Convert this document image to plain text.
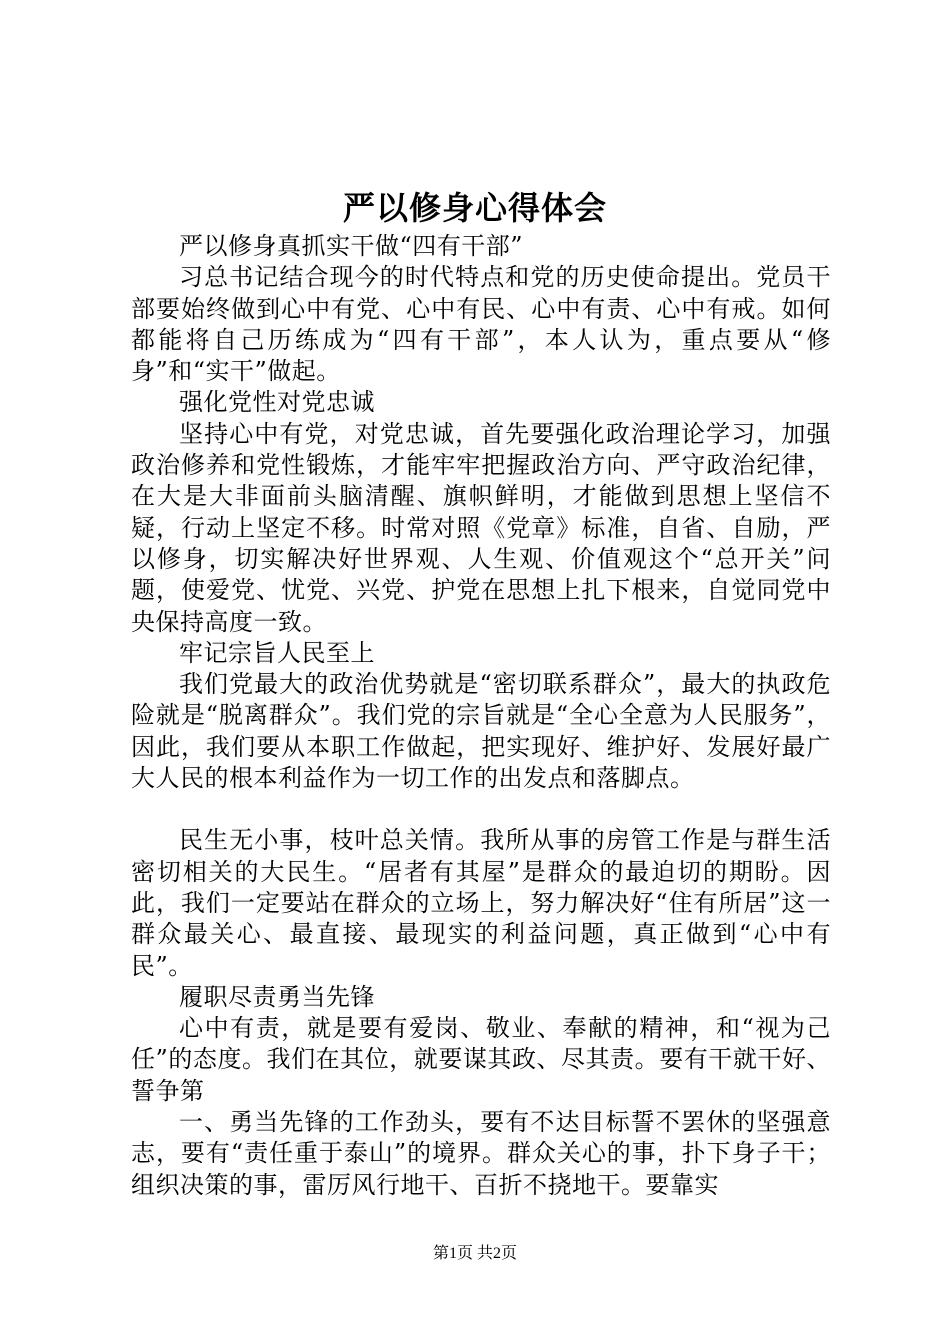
严以修身心得体会

严以修身真抓实干做“四有干部”

习总书记结合现今的时代特点和党的历史使命提出。党员干部要始终做到心中有党、心中有民、心中有责、心中有戒。如何都能将自己历练成为“四有干部”，本人认为，重点要从“修身”和“实干”做起。

强化党性对党忠诚

坚持心中有党，对党忠诚，首先要强化政治理论学习，加强政治修养和党性锻炼，才能牢牢把握政治方向、严守政治纪律，在大是大非面前头脑清醒、旗帜鲜明，才能做到思想上坚信不疑，行动上坚定不移。时常对照《党章》标准，自省、自励，严以修身，切实解决好世界观、人生观、价值观这个“总开关”问题，使爱党、忧党、兴党、护党在思想上扎下根来，自觉同党中央保持高度一致。

牢记宗旨人民至上

我们党最大的政治优势就是“密切联系群众”，最大的执政危险就是“脱离群众”。我们党的宗旨就是“全心全意为人民服务”，因此，我们要从本职工作做起，把实现好、维护好、发展好最广大人民的根本利益作为一切工作的出发点和落脚点。

民生无小事，枝叶总关情。我所从事的房管工作是与群生活密切相关的大民生。“居者有其屋”是群众的最迫切的期盼。因此，我们一定要站在群众的立场上，努力解决好“住有所居”这一群众最关心、最直接、最现实的利益问题，真正做到“心中有民”。

履职尽责勇当先锋

心中有责，就是要有爱岗、敬业、奉献的精神，和“视为己任”的态度。我们在其位，就要谋其政、尽其责。要有干就干好、誓争第

一、勇当先锋的工作劲头，要有不达目标誓不罢休的坚强意志，要有“责任重于泰山”的境界。群众关心的事，扑下身子干；组织决策的事，雷厉风行地干、百折不挠地干。要靠实

第1页 共2页
